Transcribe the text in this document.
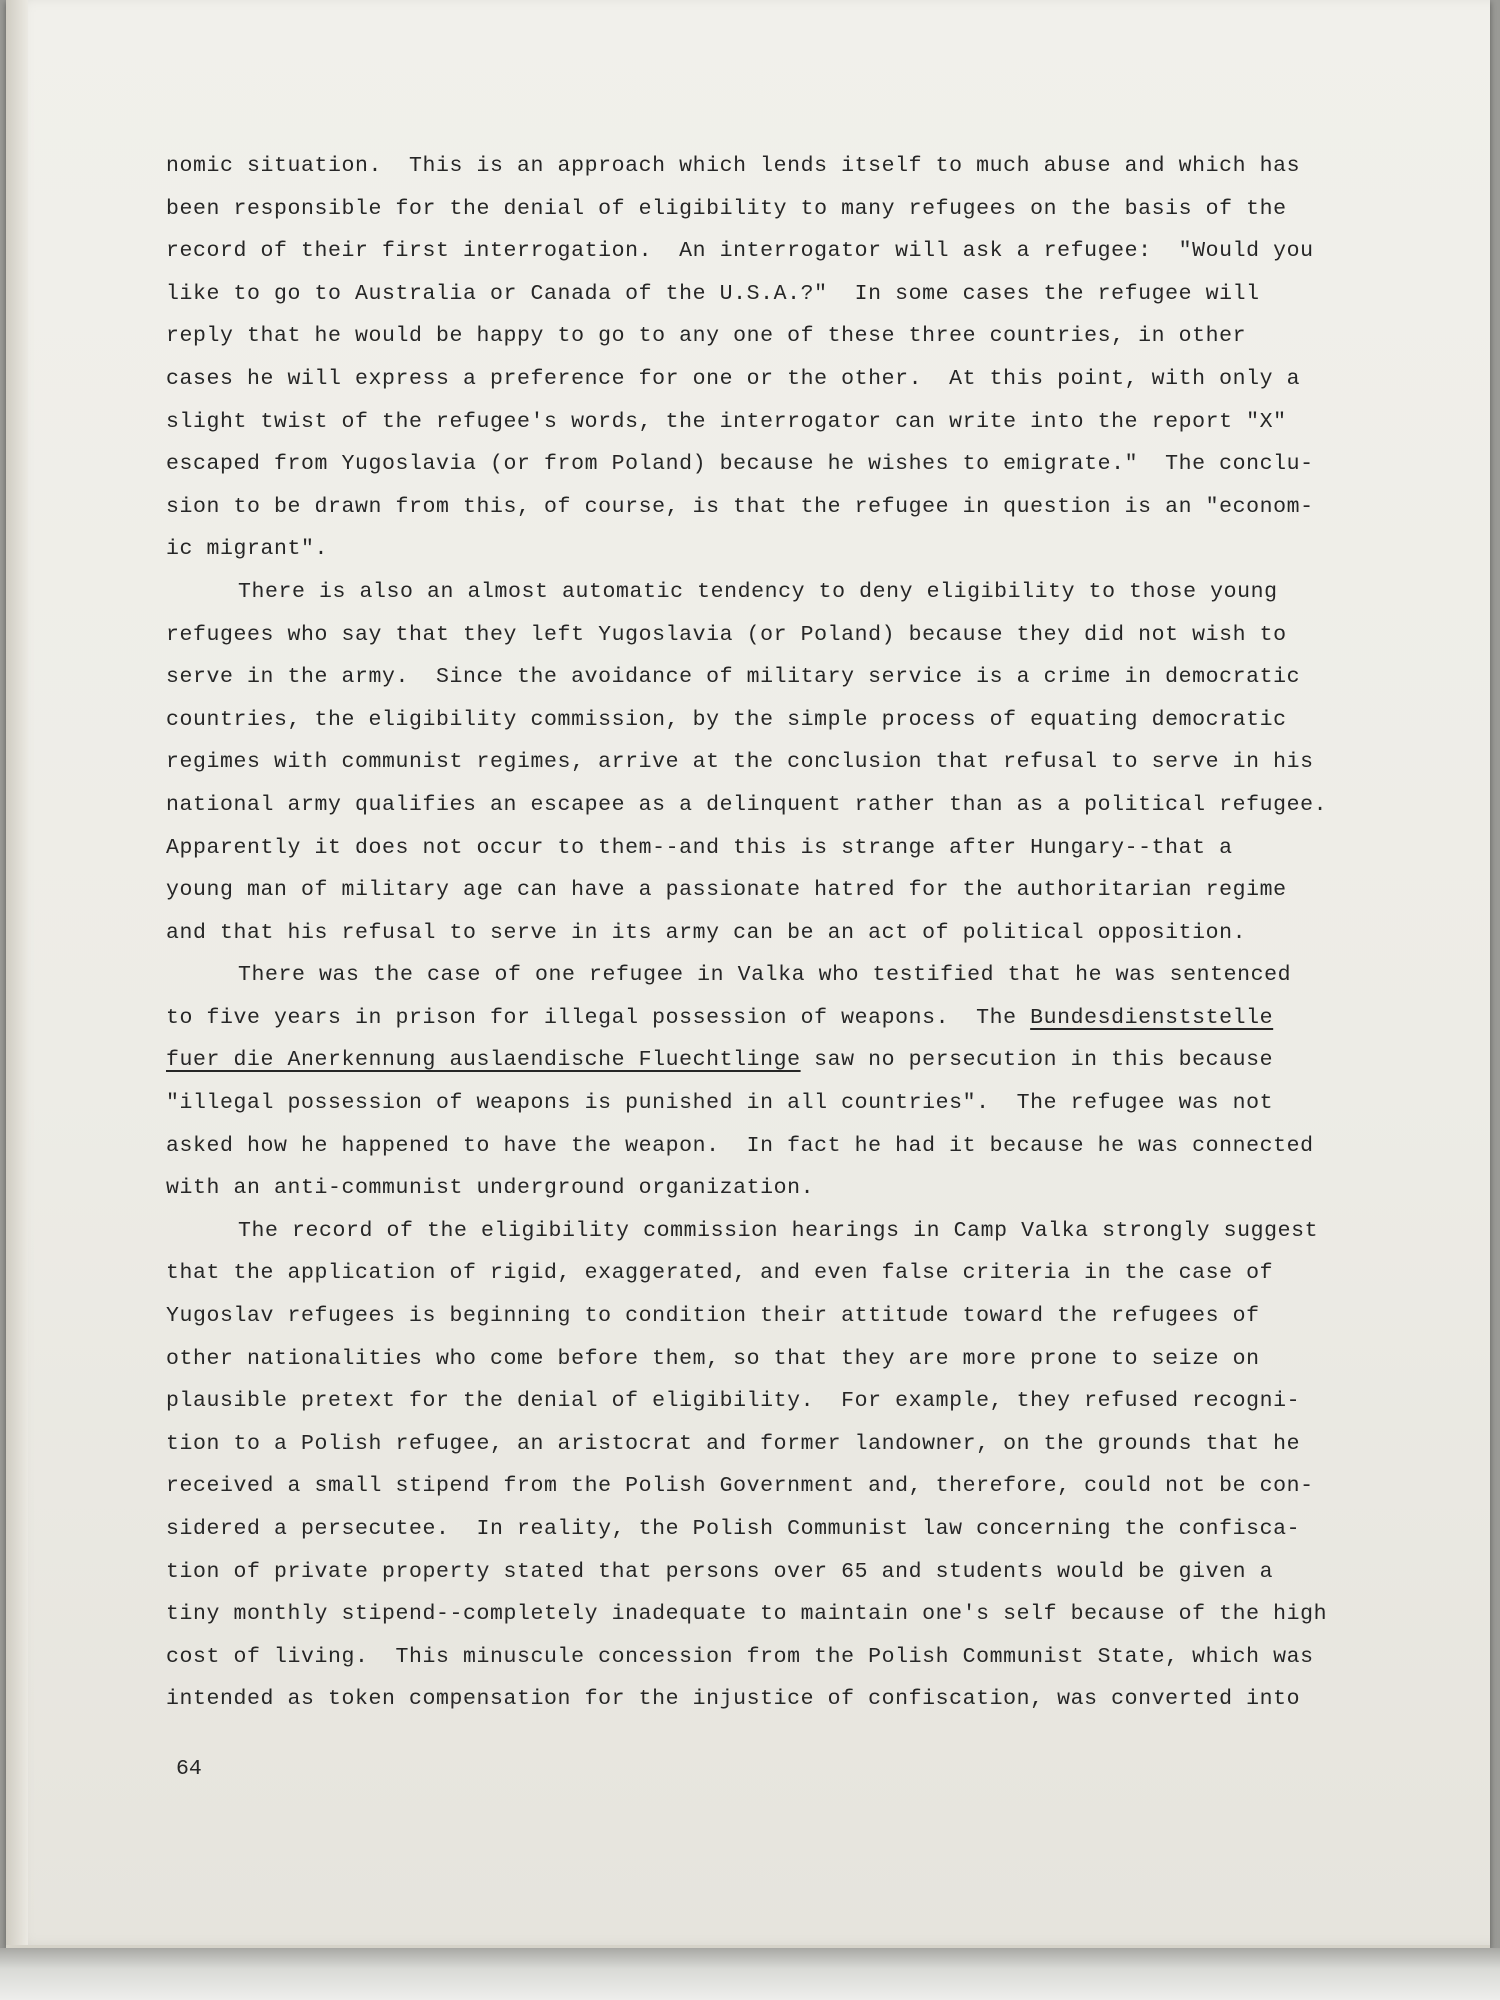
nomic situation.  This is an approach which lends itself to much abuse and which has
been responsible for the denial of eligibility to many refugees on the basis of the
record of their first interrogation.  An interrogator will ask a refugee:  "Would you
like to go to Australia or Canada of the U.S.A.?"  In some cases the refugee will
reply that he would be happy to go to any one of these three countries, in other
cases he will express a preference for one or the other.  At this point, with only a
slight twist of the refugee's words, the interrogator can write into the report "X"
escaped from Yugoslavia (or from Poland) because he wishes to emigrate."  The conclu-
sion to be drawn from this, of course, is that the refugee in question is an "econom-
ic migrant".
There is also an almost automatic tendency to deny eligibility to those young
refugees who say that they left Yugoslavia (or Poland) because they did not wish to
serve in the army.  Since the avoidance of military service is a crime in democratic
countries, the eligibility commission, by the simple process of equating democratic
regimes with communist regimes, arrive at the conclusion that refusal to serve in his
national army qualifies an escapee as a delinquent rather than as a political refugee.
Apparently it does not occur to them--and this is strange after Hungary--that a
young man of military age can have a passionate hatred for the authoritarian regime
and that his refusal to serve in its army can be an act of political opposition.
There was the case of one refugee in Valka who testified that he was sentenced
to five years in prison for illegal possession of weapons.  The Bundesdienststelle
fuer die Anerkennung auslaendische Fluechtlinge saw no persecution in this because
"illegal possession of weapons is punished in all countries".  The refugee was not
asked how he happened to have the weapon.  In fact he had it because he was connected
with an anti-communist underground organization.
The record of the eligibility commission hearings in Camp Valka strongly suggest
that the application of rigid, exaggerated, and even false criteria in the case of
Yugoslav refugees is beginning to condition their attitude toward the refugees of
other nationalities who come before them, so that they are more prone to seize on
plausible pretext for the denial of eligibility.  For example, they refused recogni-
tion to a Polish refugee, an aristocrat and former landowner, on the grounds that he
received a small stipend from the Polish Government and, therefore, could not be con-
sidered a persecutee.  In reality, the Polish Communist law concerning the confisca-
tion of private property stated that persons over 65 and students would be given a
tiny monthly stipend--completely inadequate to maintain one's self because of the high
cost of living.  This minuscule concession from the Polish Communist State, which was
intended as token compensation for the injustice of confiscation, was converted into
64
